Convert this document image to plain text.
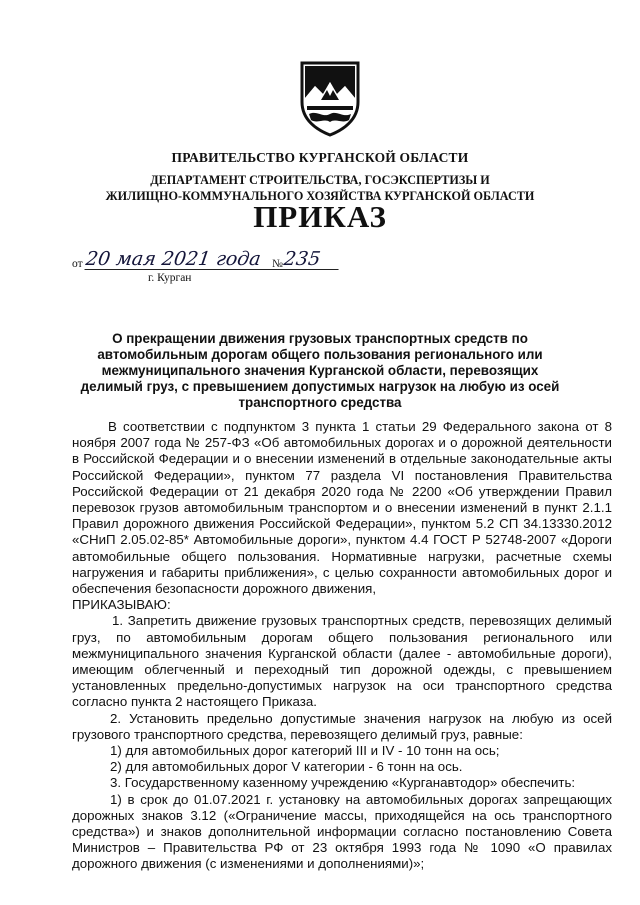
ПРАВИТЕЛЬСТВО КУРГАНСКОЙ ОБЛАСТИ
ДЕПАРТАМЕНТ СТРОИТЕЛЬСТВА, ГОСЭКСПЕРТИЗЫ И
ЖИЛИЩНО-КОММУНАЛЬНОГО ХОЗЯЙСТВА КУРГАНСКОЙ ОБЛАСТИ
ПРИКАЗ
от 20 мая 2021 года № 235
г. Курган
О прекращении движения грузовых транспортных средств по автомобильным дорогам общего пользования регионального или межмуниципального значения Курганской области, перевозящих делимый груз, с превышением допустимых нагрузок на любую из осей транспортного средства

В соответствии с подпунктом 3 пункта 1 статьи 29 Федерального закона от 8 ноября 2007 года № 257-ФЗ «Об автомобильных дорогах и о дорожной деятельности в Российской Федерации и о внесении изменений в отдельные законодательные акты Российской Федерации», пунктом 77 раздела VI постановления Правительства Российской Федерации от 21 декабря 2020 года № 2200 «Об утверждении Правил перевозок грузов автомобильным транспортом и о внесении изменений в пункт 2.1.1 Правил дорожного движения Российской Федерации», пунктом 5.2 СП 34.13330.2012 «СНиП 2.05.02-85* Автомобильные дороги», пунктом 4.4 ГОСТ Р 52748-2007 «Дороги автомобильные общего пользования. Нормативные нагрузки, расчетные схемы нагружения и габариты приближения», с целью сохранности автомобильных дорог и обеспечения безопасности дорожного движения,

ПРИКАЗЫВАЮ:

1. Запретить движение грузовых транспортных средств, перевозящих делимый груз, по автомобильным дорогам общего пользования регионального или межмуниципального значения Курганской области (далее - автомобильные дороги), имеющим облегченный и переходный тип дорожной одежды, с превышением установленных предельно-допустимых нагрузок на оси транспортного средства согласно пункта 2 настоящего Приказа.

2. Установить предельно допустимые значения нагрузок на любую из осей грузового транспортного средства, перевозящего делимый груз, равные:

1) для автомобильных дорог категорий III и IV - 10 тонн на ось;

2) для автомобильных дорог V категории - 6 тонн на ось.

3. Государственному казенному учреждению «Курганавтодор» обеспечить:

1) в срок до 01.07.2021 г. установку на автомобильных дорогах запрещающих дорожных знаков 3.12 («Ограничение массы, приходящейся на ось транспортного средства») и знаков дополнительной информации согласно постановлению Совета Министров – Правительства РФ от 23 октября 1993 года № 1090 «О правилах дорожного движения (с изменениями и дополнениями)»;
